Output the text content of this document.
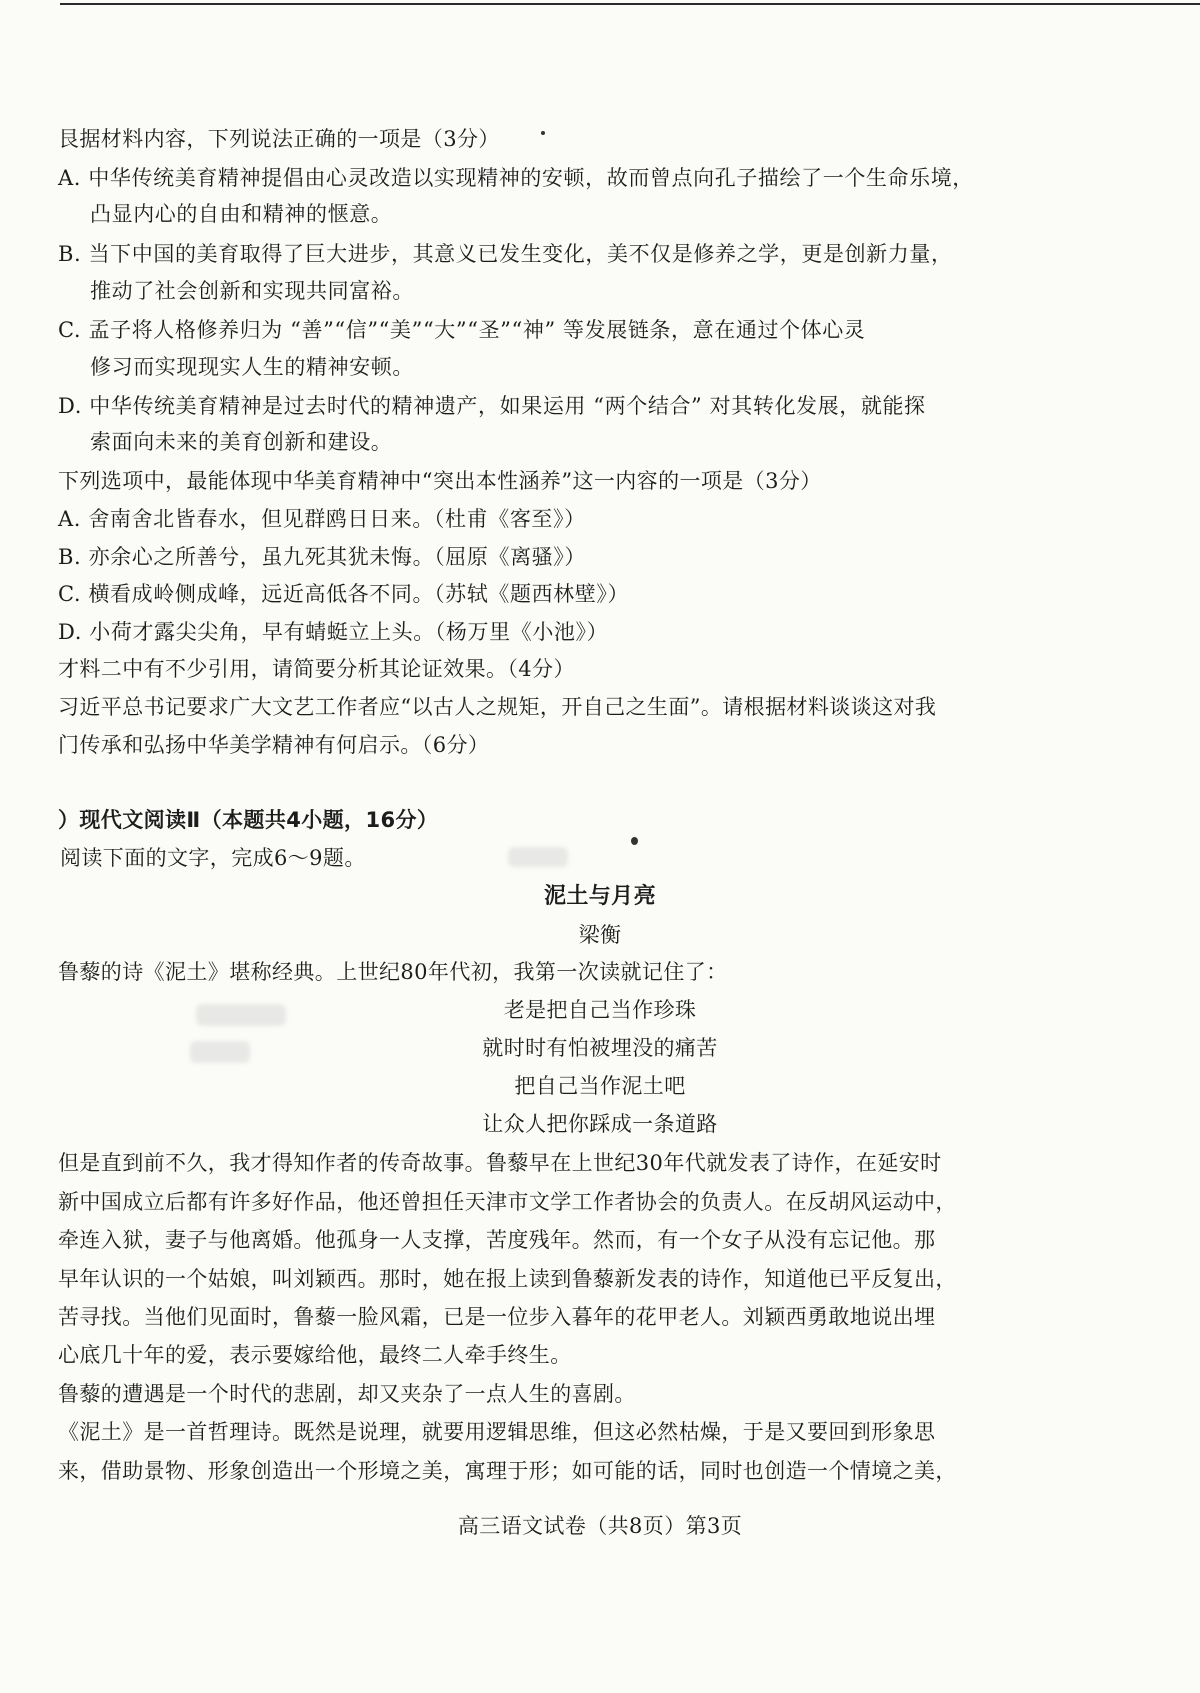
艮据材料内容，下列说法正确的一项是（3分）
A. 中华传统美育精神提倡由心灵改造以实现精神的安顿，故而曾点向孔子描绘了一个生命乐境，
凸显内心的自由和精神的惬意。
B. 当下中国的美育取得了巨大进步，其意义已发生变化，美不仅是修养之学，更是创新力量，
推动了社会创新和实现共同富裕。
C. 孟子将人格修养归为 “善”“信”“美”“大”“圣”“神” 等发展链条，意在通过个体心灵
修习而实现现实人生的精神安顿。
D. 中华传统美育精神是过去时代的精神遗产，如果运用 “两个结合” 对其转化发展，就能探
索面向未来的美育创新和建设。
下列选项中，最能体现中华美育精神中“突出本性涵养”这一内容的一项是（3分）
A. 舍南舍北皆春水，但见群鸥日日来。（杜甫《客至》）
B. 亦余心之所善兮，虽九死其犹未悔。（屈原《离骚》）
C. 横看成岭侧成峰，远近高低各不同。（苏轼《题西林壁》）
D. 小荷才露尖尖角，早有蜻蜓立上头。（杨万里《小池》）
才料二中有不少引用，请简要分析其论证效果。（4分）
习近平总书记要求广大文艺工作者应“以古人之规矩，开自己之生面”。请根据材料谈谈这对我
门传承和弘扬中华美学精神有何启示。（6分）
）现代文阅读Ⅱ（本题共4小题，16分）
阅读下面的文字，完成6～9题。
泥土与月亮
梁衡
鲁藜的诗《泥土》堪称经典。上世纪80年代初，我第一次读就记住了：
老是把自己当作珍珠
就时时有怕被埋没的痛苦
把自己当作泥土吧
让众人把你踩成一条道路
但是直到前不久，我才得知作者的传奇故事。鲁藜早在上世纪30年代就发表了诗作，在延安时
新中国成立后都有许多好作品，他还曾担任天津市文学工作者协会的负责人。在反胡风运动中，
牵连入狱，妻子与他离婚。他孤身一人支撑，苦度残年。然而，有一个女子从没有忘记他。那
早年认识的一个姑娘，叫刘颖西。那时，她在报上读到鲁藜新发表的诗作，知道他已平反复出，
苦寻找。当他们见面时，鲁藜一脸风霜，已是一位步入暮年的花甲老人。刘颖西勇敢地说出埋
心底几十年的爱，表示要嫁给他，最终二人牵手终生。
鲁藜的遭遇是一个时代的悲剧，却又夹杂了一点人生的喜剧。
《泥土》是一首哲理诗。既然是说理，就要用逻辑思维，但这必然枯燥，于是又要回到形象思
来，借助景物、形象创造出一个形境之美，寓理于形；如可能的话，同时也创造一个情境之美，
高三语文试卷（共8页）第3页
